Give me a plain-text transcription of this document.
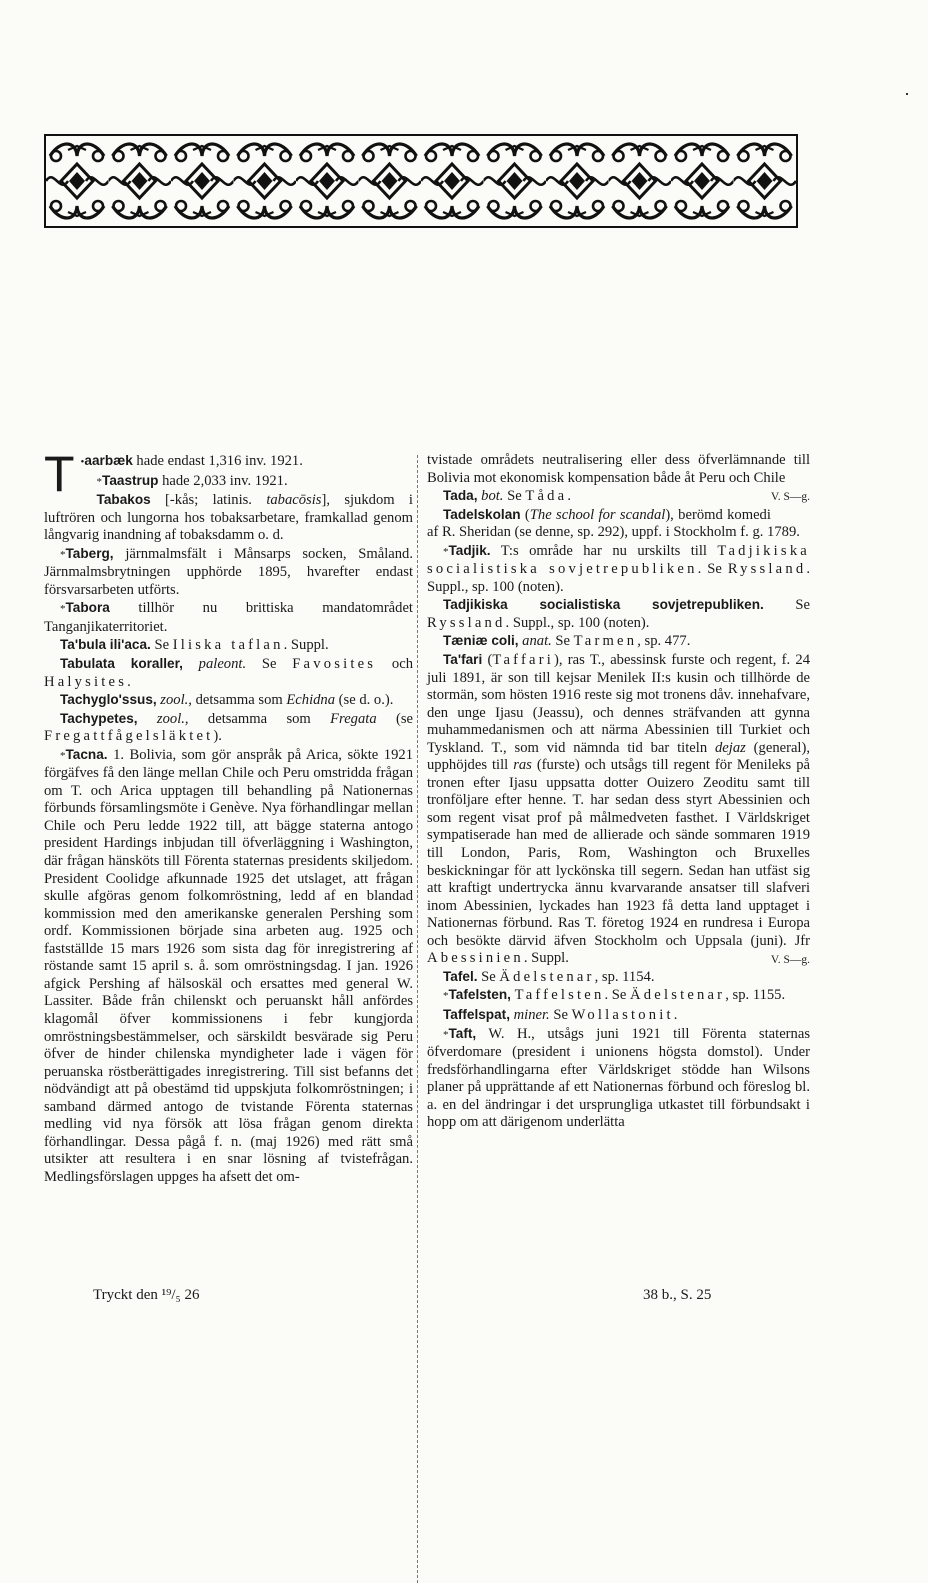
•
T aarbæk hade endast 1,316 inv. 1921.

*Taastrup hade 2,033 inv. 1921.

Tabakos [-kås; latinis. tabacōsis], sjukdom i luftrören och lungorna hos tobaksarbetare, framkallad genom långvarig inandning af tobaksdamm o. d.

*Taberg, järnmalmsfält i Månsarps socken, Småland. Järnmalmsbrytningen upphörde 1895, hvarefter endast försvarsarbeten utförts.

*Tabora tillhör nu brittiska mandatområdet Tanganjikaterritoriet.

Ta'bula ili'aca. Se Iliska taflan. Suppl.

Tabulata koraller, paleont. Se Favosites och Halysites.

Tachyglo'ssus, zool., detsamma som Echidna (se d. o.).

Tachypetes, zool., detsamma som Fregata (se Fregattfågelsläktet).

*Tacna. 1. Bolivia, som gör anspråk på Arica, sökte 1921 förgäfves få den länge mellan Chile och Peru omstridda frågan om T. och Arica upptagen till behandling på Nationernas förbunds församlingsmöte i Genève. Nya förhandlingar mellan Chile och Peru ledde 1922 till, att bägge staterna antogo president Hardings inbjudan till öfverläggning i Washington, där frågan hänsköts till Förenta staternas presidents skiljedom. President Coolidge afkunnade 1925 det utslaget, att frågan skulle afgöras genom folkomröstning, ledd af en blandad kommission med den amerikanske generalen Pershing som ordf. Kommissionen började sina arbeten aug. 1925 och fastställde 15 mars 1926 som sista dag för inregistrering af röstande samt 15 april s. å. som omröstningsdag. I jan. 1926 afgick Pershing af hälsoskäl och ersattes med general W. Lassiter. Både från chilenskt och peruanskt håll anfördes klagomål öfver kommissionens i febr kungjorda omröstningsbestämmelser, och särskildt besvärade sig Peru öfver de hinder chilenska myndigheter lade i vägen för peruanska röstberättigades inregistrering. Till sist befanns det nödvändigt att på obestämd tid uppskjuta folkomröstningen; i samband därmed antogo de tvistande Förenta staternas medling vid nya försök att lösa frågan genom direkta förhandlingar. Dessa pågå f. n. (maj 1926) med rätt små utsikter att resultera i en snar lösning af tvistefrågan. Medlingsförslagen uppges ha afsett det om-

tvistade områdets neutralisering eller dess öfverlämnande till Bolivia mot ekonomisk kompensation både åt Peru och Chile
V. S—g.

Tada, bot. Se Tåda.

Tadelskolan (The school for scandal), berömd komedi af R. Sheridan (se denne, sp. 292), uppf. i Stockholm f. g. 1789.

*Tadjik. T:s område har nu urskilts till Tadjikiska socialistiska sovjetrepubliken. Se Ryssland. Suppl., sp. 100 (noten).

Tadjikiska socialistiska sovjetrepubliken. Se Ryssland. Suppl., sp. 100 (noten).

Tæniæ coli, anat. Se Tarmen, sp. 477.

Ta'fari (Taffari), ras T., abessinsk furste och regent, f. 24 juli 1891, är son till kejsar Menilek II:s kusin och tillhörde de stormän, som hösten 1916 reste sig mot tronens dåv. innehafvare, den unge Ijasu (Jeassu), och dennes sträfvanden att gynna muhammedanismen och att närma Abessinien till Turkiet och Tyskland. T., som vid nämnda tid bar titeln dejaz (general), upphöjdes till ras (furste) och utsågs till regent för Menileks på tronen efter Ijasu uppsatta dotter Ouizero Zeoditu samt till tronföljare efter henne. T. har sedan dess styrt Abessinien och som regent visat prof på målmedveten fasthet. I Världskriget sympatiserade han med de allierade och sände sommaren 1919 till London, Paris, Rom, Washington och Bruxelles beskickningar för att lyckönska till segern. Sedan han utfäst sig att kraftigt undertrycka ännu kvarvarande ansatser till slafveri inom Abessinien, lyckades han 1923 få detta land upptaget i Nationernas förbund. Ras T. företog 1924 en rundresa i Europa och besökte därvid äfven Stockholm och Uppsala (juni). Jfr Abessinien. Suppl.	V. S—g.

Tafel. Se Ädelstenar, sp. 1154.

*Tafelsten, Taffelsten. Se Ädelstenar, sp. 1155.

Taffelspat, miner. Se Wollastonit.

*Taft, W. H., utsågs juni 1921 till Förenta staternas öfverdomare (president i unionens högsta domstol). Under fredsförhandlingarna efter Världskriget stödde han Wilsons planer på upprättande af ett Nationernas förbund och föreslog bl. a. en del ändringar i det ursprungliga utkastet till förbundsakt i hopp om att därigenom underlätta

Tryckt den ¹⁹/₅ 26	38 b., S. 25
